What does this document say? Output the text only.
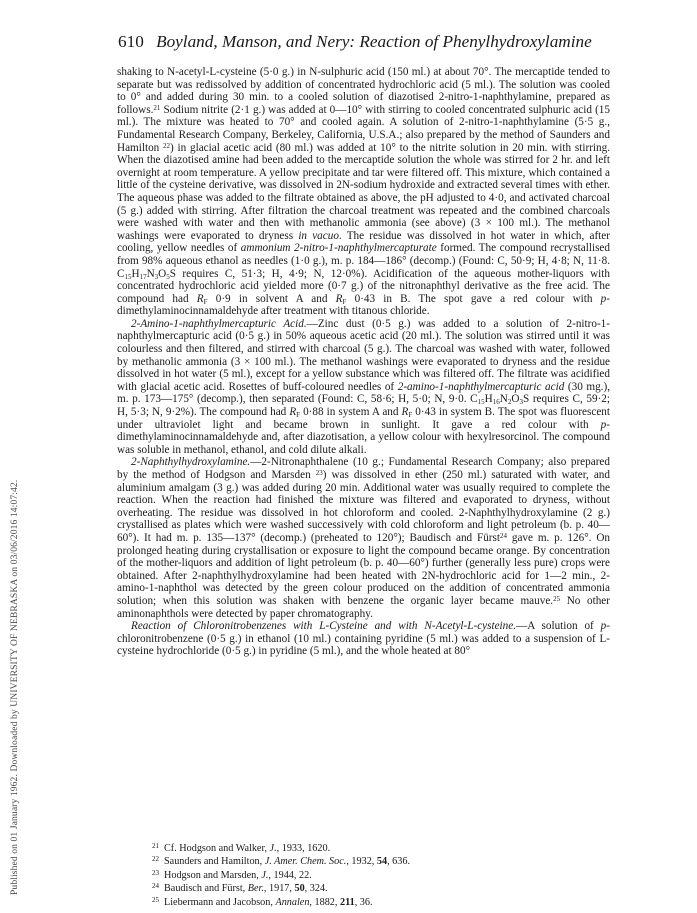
Published on 01 January 1962. Downloaded by UNIVERSITY OF NEBRASKA on 03/06/2016 14:07:42.
610 Boyland, Manson, and Nery: Reaction of Phenylhydroxylamine

shaking to N-acetyl-L-cysteine (5·0 g.) in N-sulphuric acid (150 ml.) at about 70°. The mercaptide tended to separate but was redissolved by addition of concentrated hydrochloric acid (5 ml.). The solution was cooled to 0° and added during 30 min. to a cooled solution of diazotised 2-nitro-1-naphthylamine, prepared as follows.$^{21}$ Sodium nitrite (2·1 g.) was added at 0—10° with stirring to cooled concentrated sulphuric acid (15 ml.). The mixture was heated to 70° and cooled again. A solution of 2-nitro-1-naphthylamine (5·5 g., Fundamental Research Company, Berkeley, California, U.S.A.; also prepared by the method of Saunders and Hamilton $^{22}$) in glacial acetic acid (80 ml.) was added at 10° to the nitrite solution in 20 min. with stirring. When the diazotised amine had been added to the mercaptide solution the whole was stirred for 2 hr. and left overnight at room temperature. A yellow precipitate and tar were filtered off. This mixture, which contained a little of the cysteine derivative, was dissolved in 2N-sodium hydroxide and extracted several times with ether. The aqueous phase was added to the filtrate obtained as above, the pH adjusted to 4·0, and activated charcoal (5 g.) added with stirring. After filtration the charcoal treatment was repeated and the combined charcoals were washed with water and then with methanolic ammonia (see above) (3 × 100 ml.). The methanol washings were evaporated to dryness in vacuo. The residue was dissolved in hot water in which, after cooling, yellow needles of ammonium 2-nitro-1-naphthylmercapturate formed. The compound recrystallised from 98% aqueous ethanol as needles (1·0 g.), m. p. 184—186° (decomp.) (Found: C, 50·9; H, 4·8; N, 11·8. $C_{15}H_{17}N_3O_5S$ requires C, 51·3; H, 4·9; N, 12·0%). Acidification of the aqueous mother-liquors with concentrated hydrochloric acid yielded more (0·7 g.) of the nitronaphthyl derivative as the free acid. The compound had $R_F$ 0·9 in solvent A and $R_F$ 0·43 in B. The spot gave a red colour with p-dimethylaminocinnamaldehyde after treatment with titanous chloride.

2-Amino-1-naphthylmercapturic Acid.—Zinc dust (0·5 g.) was added to a solution of 2-nitro-1-naphthylmercapturic acid (0·5 g.) in 50% aqueous acetic acid (20 ml.). The solution was stirred until it was colourless and then filtered, and stirred with charcoal (5 g.). The charcoal was washed with water, followed by methanolic ammonia (3 × 100 ml.). The methanol washings were evaporated to dryness and the residue dissolved in hot water (5 ml.), except for a yellow substance which was filtered off. The filtrate was acidified with glacial acetic acid. Rosettes of buff-coloured needles of 2-amino-1-naphthylmercapturic acid (30 mg.), m. p. 173—175° (decomp.), then separated (Found: C, 58·6; H, 5·0; N, 9·0. $C_{15}H_{16}N_2O_3S$ requires C, 59·2; H, 5·3; N, 9·2%). The compound had $R_F$ 0·88 in system A and $R_F$ 0·43 in system B. The spot was fluorescent under ultraviolet light and became brown in sunlight. It gave a red colour with p-dimethylaminocinnamaldehyde and, after diazotisation, a yellow colour with hexylresorcinol. The compound was soluble in methanol, ethanol, and cold dilute alkali.

2-Naphthylhydroxylamine.—2-Nitronaphthalene (10 g.; Fundamental Research Company; also prepared by the method of Hodgson and Marsden $^{23}$) was dissolved in ether (250 ml.) saturated with water, and aluminium amalgam (3 g.) was added during 20 min. Additional water was usually required to complete the reaction. When the reaction had finished the mixture was filtered and evaporated to dryness, without overheating. The residue was dissolved in hot chloroform and cooled. 2-Naphthylhydroxylamine (2 g.) crystallised as plates which were washed successively with cold chloroform and light petroleum (b. p. 40—60°). It had m. p. 135—137° (decomp.) (preheated to 120°); Baudisch and Fürst$^{24}$ gave m. p. 126°. On prolonged heating during crystallisation or exposure to light the compound became orange. By concentration of the mother-liquors and addition of light petroleum (b. p. 40—60°) further (generally less pure) crops were obtained. After 2-naphthylhydroxylamine had been heated with 2N-hydrochloric acid for 1—2 min., 2-amino-1-naphthol was detected by the green colour produced on the addition of concentrated ammonia solution; when this solution was shaken with benzene the organic layer became mauve.$^{25}$ No other aminonaphthols were detected by paper chromatography.

Reaction of Chloronitrobenzenes with L-Cysteine and with N-Acetyl-L-cysteine.—A solution of p-chloronitrobenzene (0·5 g.) in ethanol (10 ml.) containing pyridine (5 ml.) was added to a suspension of L-cysteine hydrochloride (0·5 g.) in pyridine (5 ml.), and the whole heated at 80°

$^{21}$ Cf. Hodgson and Walker, J., 1933, 1620.
$^{22}$ Saunders and Hamilton, J. Amer. Chem. Soc., 1932, 54, 636.
$^{23}$ Hodgson and Marsden, J., 1944, 22.
$^{24}$ Baudisch and Fürst, Ber., 1917, 50, 324.
$^{25}$ Liebermann and Jacobson, Annalen, 1882, 211, 36.
